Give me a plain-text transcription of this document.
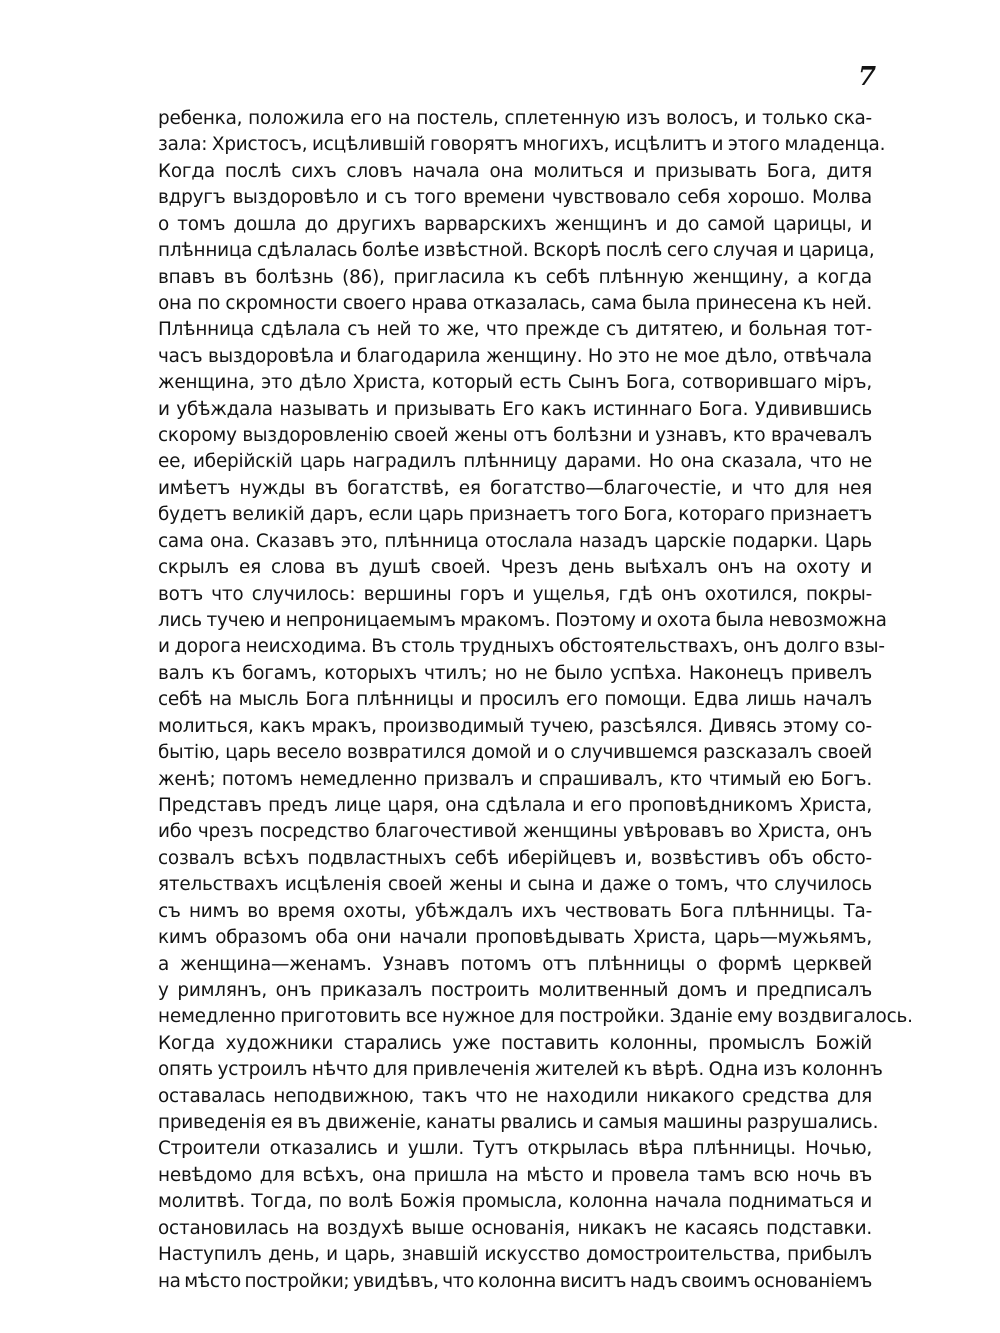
7
ребенка, положила его на постель, сплетенную изъ волосъ, и только ска-
зала: Христосъ, исцѣлившій говорятъ многихъ, исцѣлитъ и этого младенца.
Когда послѣ сихъ словъ начала она молиться и призывать Бога, дитя
вдругъ выздоровѣло и съ того времени чувствовало себя хорошо. Молва
о томъ дошла до другихъ варварскихъ женщинъ и до самой царицы, и
плѣнница сдѣлалась болѣе извѣстной. Вскорѣ послѣ сего случая и царица,
впавъ въ болѣзнь (86), пригласила къ себѣ плѣнную женщину, а когда
она по скромности своего нрава отказалась, сама была принесена къ ней.
Плѣнница сдѣлала съ ней то же, что прежде съ дитятею, и больная тот-
часъ выздоровѣла и благодарила женщину. Но это не мое дѣло, отвѣчала
женщина, это дѣло Христа, который есть Сынъ Бога, сотворившаго міръ,
и убѣждала называть и призывать Его какъ истиннаго Бога. Удивившись
скорому выздоровленію своей жены отъ болѣзни и узнавъ, кто врачевалъ
ее, иберійскій царь наградилъ плѣнницу дарами. Но она сказала, что не
имѣетъ нужды въ богатствѣ, ея богатство—благочестіе, и что для нея
будетъ великій даръ, если царь признаетъ того Бога, котораго признаетъ
сама она. Сказавъ это, плѣнница отослала назадъ царскіе подарки. Царь
скрылъ ея слова въ душѣ своей. Чрезъ день выѣхалъ онъ на охоту и
вотъ что случилось: вершины горъ и ущелья, гдѣ онъ охотился, покры-
лись тучею и непроницаемымъ мракомъ. Поэтому и охота была невозможна
и дорога неисходима. Въ столь трудныхъ обстоятельствахъ, онъ долго взы-
валъ къ богамъ, которыхъ чтилъ; но не было успѣха. Наконецъ привелъ
себѣ на мысль Бога плѣнницы и просилъ его помощи. Едва лишь началъ
молиться, какъ мракъ, производимый тучею, разсѣялся. Дивясь этому со-
бытію, царь весело возвратился домой и о случившемся разсказалъ своей
женѣ; потомъ немедленно призвалъ и спрашивалъ, кто чтимый ею Богъ.
Представъ предъ лице царя, она сдѣлала и его проповѣдникомъ Христа,
ибо чрезъ посредство благочестивой женщины увѣровавъ во Христа, онъ
созвалъ всѣхъ подвластныхъ себѣ иберійцевъ и, возвѣстивъ объ обсто-
ятельствахъ исцѣленія своей жены и сына и даже о томъ, что случилось
съ нимъ во время охоты, убѣждалъ ихъ чествовать Бога плѣнницы. Та-
кимъ образомъ оба они начали проповѣдывать Христа, царь—мужьямъ,
а женщина—женамъ. Узнавъ потомъ отъ плѣнницы о формѣ церквей
у римлянъ, онъ приказалъ построить молитвенный домъ и предписалъ
немедленно приготовить все нужное для постройки. Зданіе ему воздвигалось.
Когда художники старались уже поставить колонны, промыслъ Божій
опять устроилъ нѣчто для привлеченія жителей къ вѣрѣ. Одна изъ колоннъ
оставалась неподвижною, такъ что не находили никакого средства для
приведенія ея въ движеніе, канаты рвались и самыя машины разрушались.
Строители отказались и ушли. Тутъ открылась вѣра плѣнницы. Ночью,
невѣдомо для всѣхъ, она пришла на мѣсто и провела тамъ всю ночь въ
молитвѣ. Тогда, по волѣ Божія промысла, колонна начала подниматься и
остановилась на воздухѣ выше основанія, никакъ не касаясь подставки.
Наступилъ день, и царь, знавшій искусство домостроительства, прибылъ
на мѣсто постройки; увидѣвъ, что колонна виситъ надъ своимъ основаніемъ
